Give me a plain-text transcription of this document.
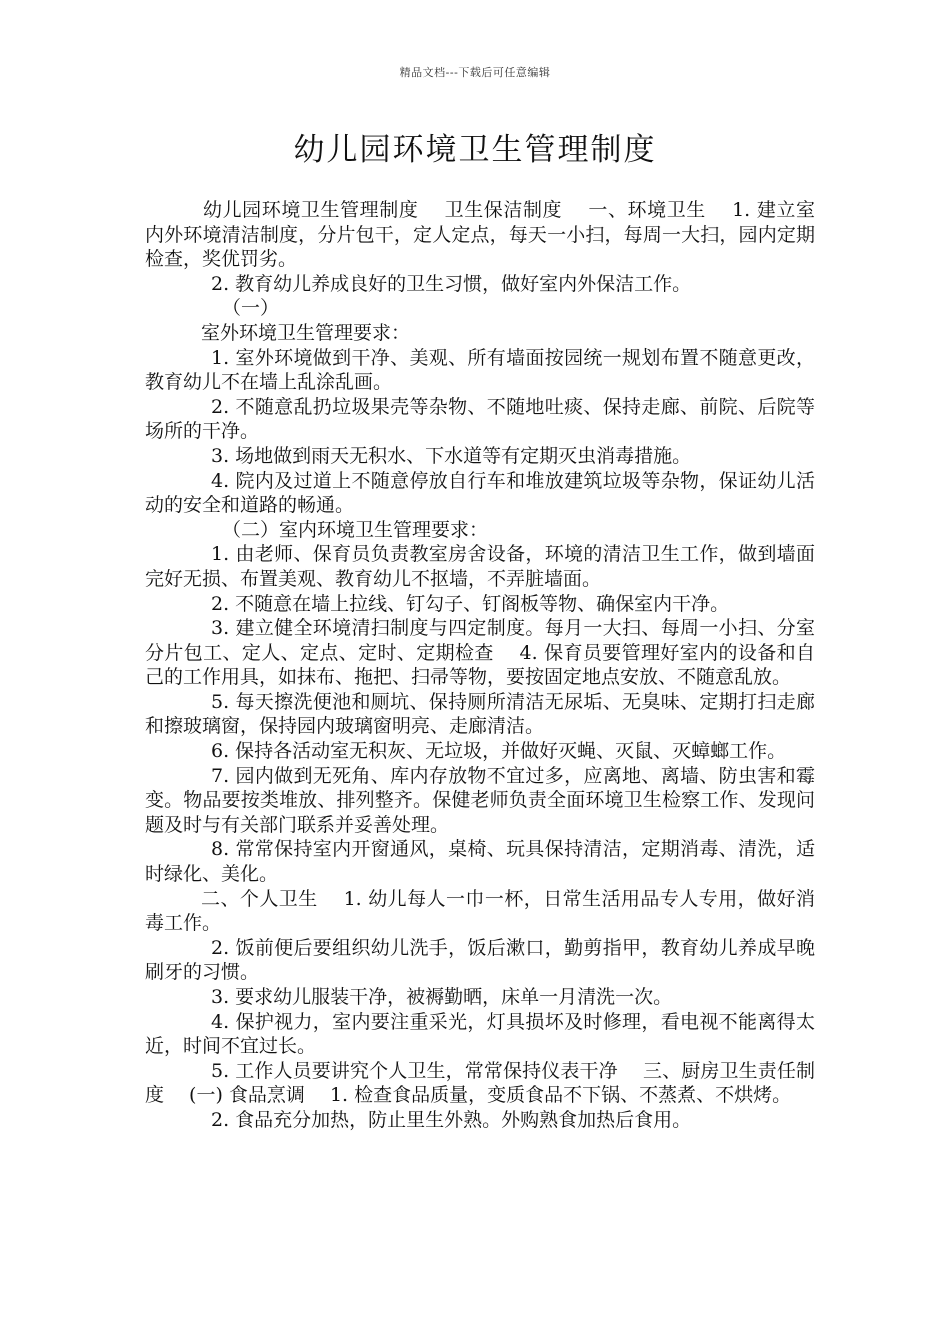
精品文档---下载后可任意编辑
幼儿园环境卫生管理制度

幼儿园环境卫生管理制度　 卫生保洁制度　 一、环境卫生　 1. 建立室内外环境清洁制度，分片包干，定人定点，每天一小扫，每周一大扫，园内定期检查，奖优罚劣。

2. 教育幼儿养成良好的卫生习惯，做好室内外保洁工作。

（一）

室外环境卫生管理要求：

1. 室外环境做到干净、美观、所有墙面按园统一规划布置不随意更改，教育幼儿不在墙上乱涂乱画。

2. 不随意乱扔垃圾果壳等杂物、不随地吐痰、保持走廊、前院、后院等场所的干净。

3. 场地做到雨天无积水、下水道等有定期灭虫消毒措施。

4. 院内及过道上不随意停放自行车和堆放建筑垃圾等杂物，保证幼儿活动的安全和道路的畅通。

（二）室内环境卫生管理要求：

1. 由老师、保育员负责教室房舍设备，环境的清洁卫生工作，做到墙面完好无损、布置美观、教育幼儿不抠墙，不弄脏墙面。

2. 不随意在墙上拉线、钉勾子、钉阁板等物、确保室内干净。

3. 建立健全环境清扫制度与四定制度。每月一大扫、每周一小扫、分室分片包工、定人、定点、定时、定期检查　 4. 保育员要管理好室内的设备和自己的工作用具，如抹布、拖把、扫帚等物，要按固定地点安放、不随意乱放。

5. 每天擦洗便池和厕坑、保持厕所清洁无尿垢、无臭味、定期打扫走廊和擦玻璃窗，保持园内玻璃窗明亮、走廊清洁。

6. 保持各活动室无积灰、无垃圾，并做好灭蝇、灭鼠、灭蟑螂工作。

7. 园内做到无死角、库内存放物不宜过多，应离地、离墙、防虫害和霉变。物品要按类堆放、排列整齐。保健老师负责全面环境卫生检察工作、发现问题及时与有关部门联系并妥善处理。

8. 常常保持室内开窗通风，桌椅、玩具保持清洁，定期消毒、清洗，适时绿化、美化。

二、个人卫生　 1. 幼儿每人一巾一杯，日常生活用品专人专用，做好消毒工作。

2. 饭前便后要组织幼儿洗手，饭后漱口，勤剪指甲，教育幼儿养成早晚刷牙的习惯。

3. 要求幼儿服装干净，被褥勤晒，床单一月清洗一次。

4. 保护视力，室内要注重采光，灯具损坏及时修理，看电视不能离得太近，时间不宜过长。

5. 工作人员要讲究个人卫生，常常保持仪表干净　 三、厨房卫生责任制度　 (一) 食品烹调　 1. 检查食品质量，变质食品不下锅、不蒸煮、不烘烤。

2. 食品充分加热，防止里生外熟。外购熟食加热后食用。
